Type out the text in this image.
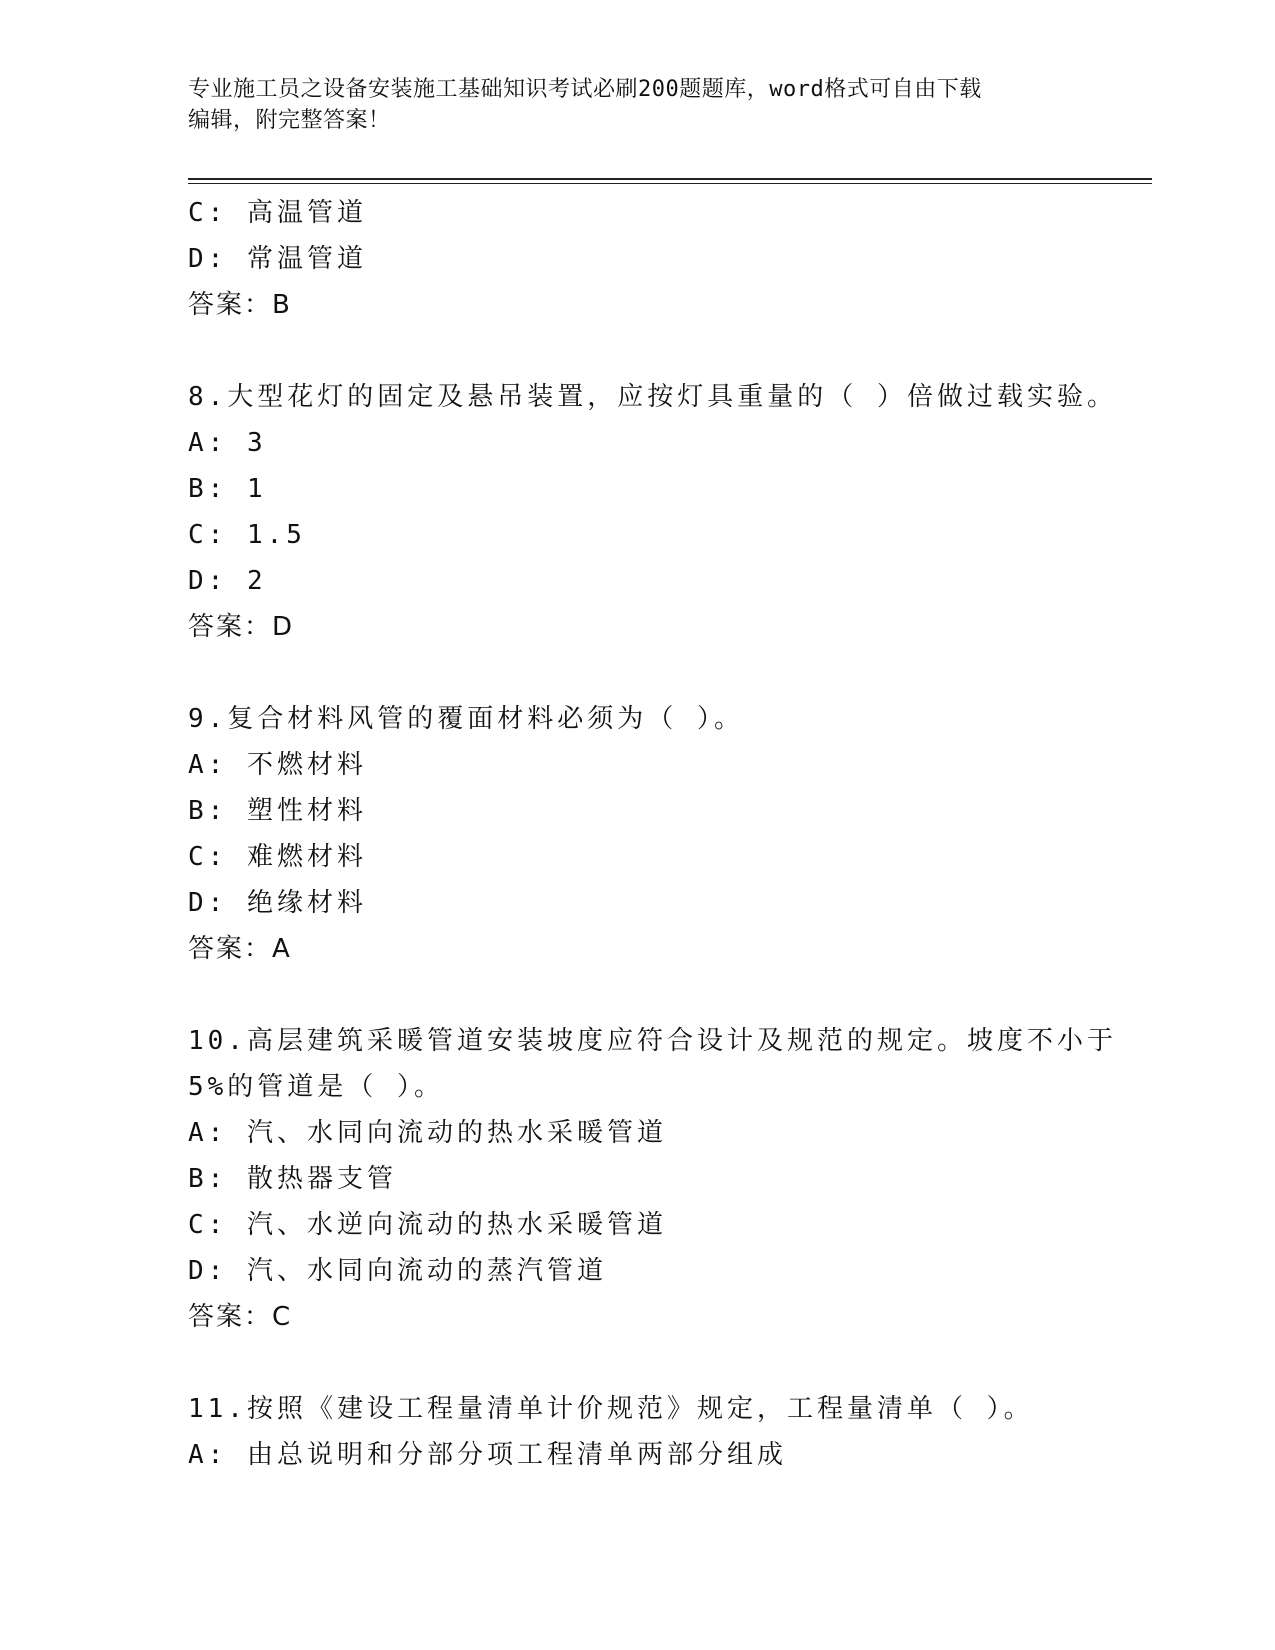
专业施工员之设备安装施工基础知识考试必刷200题题库，word格式可自由下载
编辑，附完整答案！
C: 高温管道
D: 常温管道
答案：B
8.大型花灯的固定及悬吊装置，应按灯具重量的（ ）倍做过载实验。
A: 3
B: 1
C: 1.5
D: 2
答案：D
9.复合材料风管的覆面材料必须为（ ）。
A: 不燃材料
B: 塑性材料
C: 难燃材料
D: 绝缘材料
答案：A
10.高层建筑采暖管道安装坡度应符合设计及规范的规定。坡度不小于
5%的管道是（ ）。
A: 汽、水同向流动的热水采暖管道
B: 散热器支管
C: 汽、水逆向流动的热水采暖管道
D: 汽、水同向流动的蒸汽管道
答案：C
11.按照《建设工程量清单计价规范》规定，工程量清单（ ）。
A: 由总说明和分部分项工程清单两部分组成
